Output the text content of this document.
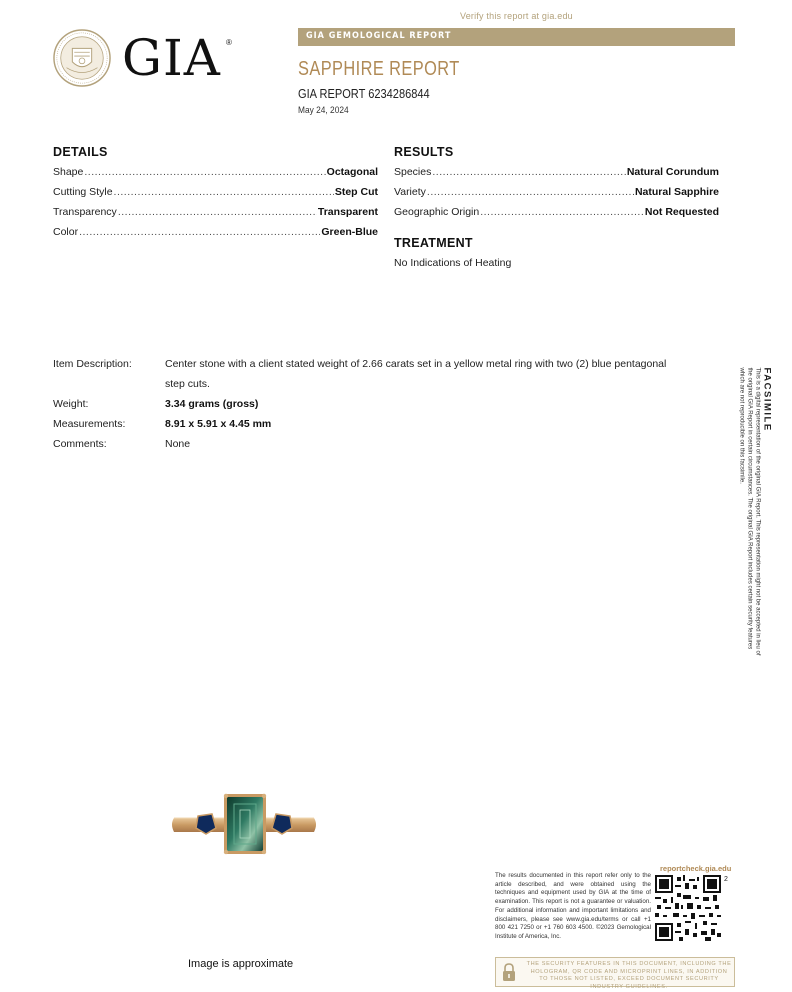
Verify this report at gia.edu
GIA ®
GIA GEMOLOGICAL REPORT
SAPPHIRE REPORT
GIA REPORT 6234286844
May 24, 2024
DETAILS
Shape .....	Octagonal
Cutting Style .....	Step Cut
Transparency .....	Transparent
Color .....	Green-Blue
RESULTS
Species .....	Natural Corundum
Variety .....	Natural Sapphire
Geographic Origin .....	Not Requested
TREATMENT
No Indications of Heating
Item Description:	Center stone with a client stated weight of 2.66 carats set in a yellow metal ring with two (2) blue pentagonal
step cuts.
Weight:	3.34 grams (gross)
Measurements:	8.91 x 5.91 x 4.45 mm
Comments:	None
FACSIMILE
This is a digital representation of the original GIA Report. This representation might not be accepted in lieu of the original GIA Report in certain circumstances. The original GIA Report includes certain security features which are not reproducible on this facsimile.
Image is approximate
The results documented in this report refer only to the article described, and were obtained using the techniques and equipment used by GIA at the time of examination. This report is not a guarantee or valuation. For additional information and important limitations and disclaimers, please see www.gia.edu/terms or call +1 800 421 7250 or +1 760 603 4500. ©2023 Gemological Institute of America, Inc.
reportcheck.gia.edu
2
THE SECURITY FEATURES IN THIS DOCUMENT, INCLUDING THE HOLOGRAM, QR CODE AND MICROPRINT LINES, IN ADDITION TO THOSE NOT LISTED, EXCEED DOCUMENT SECURITY INDUSTRY GUIDELINES.
